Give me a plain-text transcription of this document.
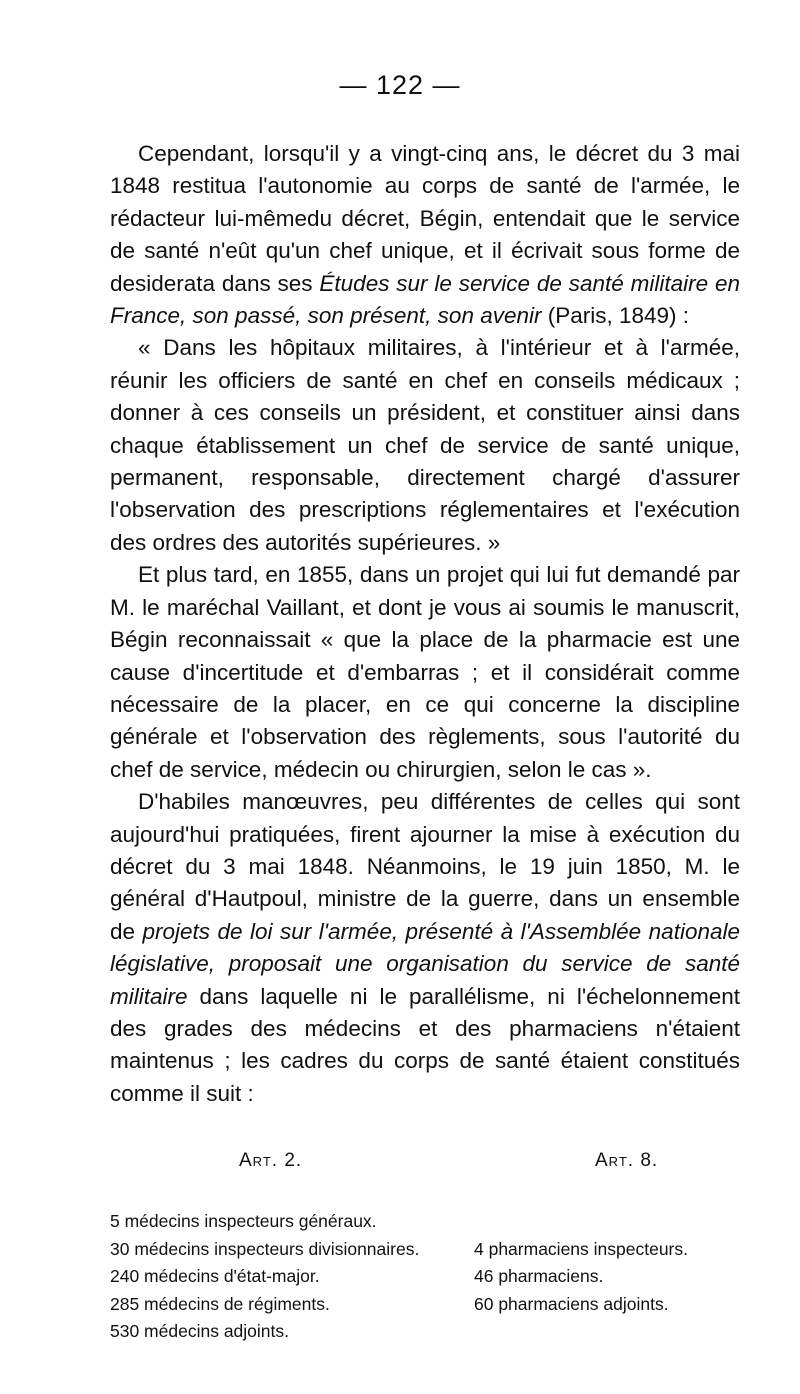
— 122 —

Cependant, lorsqu'il y a vingt-cinq ans, le décret du 3 mai 1848 restitua l'autonomie au corps de santé de l'armée, le rédacteur lui-mêmedu décret, Bégin, entendait que le service de santé n'eût qu'un chef unique, et il écrivait sous forme de desiderata dans ses Études sur le service de santé militaire en France, son passé, son présent, son avenir (Paris, 1849) :

« Dans les hôpitaux militaires, à l'intérieur et à l'armée, réunir les officiers de santé en chef en conseils médicaux ; donner à ces conseils un président, et constituer ainsi dans chaque établissement un chef de service de santé unique, permanent, responsable, directement chargé d'assurer l'observation des prescriptions réglementaires et l'exécution des ordres des autorités supérieures. »

Et plus tard, en 1855, dans un projet qui lui fut demandé par M. le maréchal Vaillant, et dont je vous ai soumis le manuscrit, Bégin reconnaissait « que la place de la pharmacie est une cause d'incertitude et d'embarras ; et il considérait comme nécessaire de la placer, en ce qui concerne la discipline générale et l'observation des règlements, sous l'autorité du chef de service, médecin ou chirurgien, selon le cas ».

D'habiles manœuvres, peu différentes de celles qui sont aujourd'hui pratiquées, firent ajourner la mise à exécution du décret du 3 mai 1848. Néanmoins, le 19 juin 1850, M. le général d'Hautpoul, ministre de la guerre, dans un ensemble de projets de loi sur l'armée, présenté à l'Assemblée nationale législative, proposait une organisation du service de santé militaire dans laquelle ni le parallélisme, ni l'échelonnement des grades des médecins et des pharmaciens n'étaient maintenus ; les cadres du corps de santé étaient constitués comme il suit :

Art. 2.	Art. 8.
5 médecins inspecteurs généraux.
30 médecins inspecteurs divisionnaires.
240 médecins d'état-major.
285 médecins de régiments.
530 médecins adjoints.
4 pharmaciens inspecteurs.
46 pharmaciens.
60 pharmaciens adjoints.
